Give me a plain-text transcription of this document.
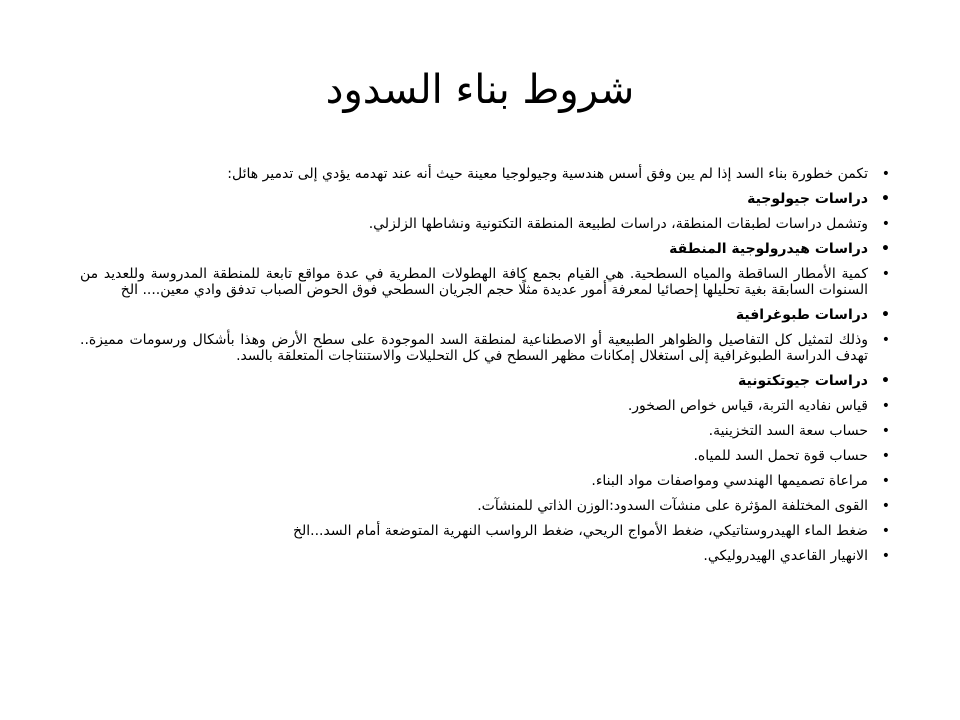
شروط بناء السدود
•
تكمن خطورة بناء السد إذا لم يبن وفق أسس هندسية وجيولوجيا معينة حيث أنه عند تهدمه يؤدي إلى تدمير هائل:
•
دراسات جيولوجية
•
وتشمل دراسات لطبقات المنطقة، دراسات لطبيعة المنطقة التكتونية ونشاطها الزلزلي.
•
دراسات هيدرولوجية المنطقة
•
كمية الأمطار الساقطة والمياه السطحية. هي القيام بجمع كافة الهطولات المطرية في عدة مواقع تابعة للمنطقة المدروسة وللعديد من السنوات السابقة بغية تحليلها إحصائيا لمعرفة أمور عديدة مثلًا حجم الجريان السطحي فوق الحوض الصباب تدفق وادي معين.... الخ
•
دراسات طبوغرافية
•
وذلك لتمثيل كل التفاصيل والظواهر الطبيعية أو الاصطناعية لمنطقة السد الموجودة على سطح الأرض وهذا بأشكال ورسومات مميزة.. تهدف الدراسة الطبوغرافية إلى استغلال إمكانات مظهر السطح في كل التحليلات والاستنتاجات المتعلقة بالسد.
•
دراسات جيوتكتونية
•
قياس نفاديه التربة، قياس خواص الصخور.
•
حساب سعة السد التخزينية.
•
حساب قوة تحمل السد للمياه.
•
مراعاة تصميمها الهندسي ومواصفات مواد البناء.
•
القوى المختلفة المؤثرة على منشآت السدود:الوزن الذاتي للمنشآت.
•
ضغط الماء الهيدروستاتيكي، ضغط الأمواج الريحي، ضغط الرواسب النهرية المتوضعة أمام السد...الخ
•
الانهيار القاعدي الهيدروليكي.
